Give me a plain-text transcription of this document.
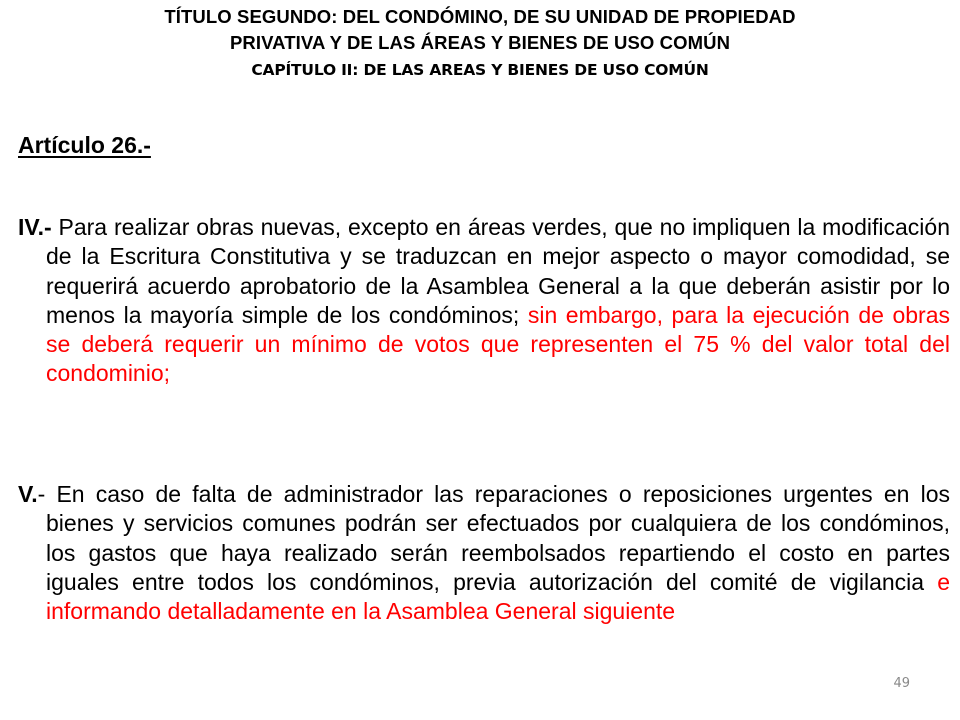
TÍTULO SEGUNDO: DEL CONDÓMINO, DE SU UNIDAD DE PROPIEDAD
PRIVATIVA Y DE LAS ÁREAS Y BIENES DE USO COMÚN
CAPÍTULO II: DE LAS AREAS Y BIENES DE USO COMÚN

Artículo 26.-

IV.- Para realizar obras nuevas, excepto en áreas verdes, que no impliquen la modificación de la Escritura Constitutiva y se traduzcan en mejor aspecto o mayor comodidad, se requerirá acuerdo aprobatorio de la Asamblea General a la que deberán asistir por lo menos la mayoría simple de los condóminos; sin embargo, para la ejecución de obras se deberá requerir un mínimo de votos que representen el 75 % del valor total del condominio;

V.- En caso de falta de administrador las reparaciones o reposiciones urgentes en los bienes y servicios comunes podrán ser efectuados por cualquiera de los condóminos, los gastos que haya realizado serán reembolsados repartiendo el costo en partes iguales entre todos los condóminos, previa autorización del comité de vigilancia e informando detalladamente en la Asamblea General siguiente

49
